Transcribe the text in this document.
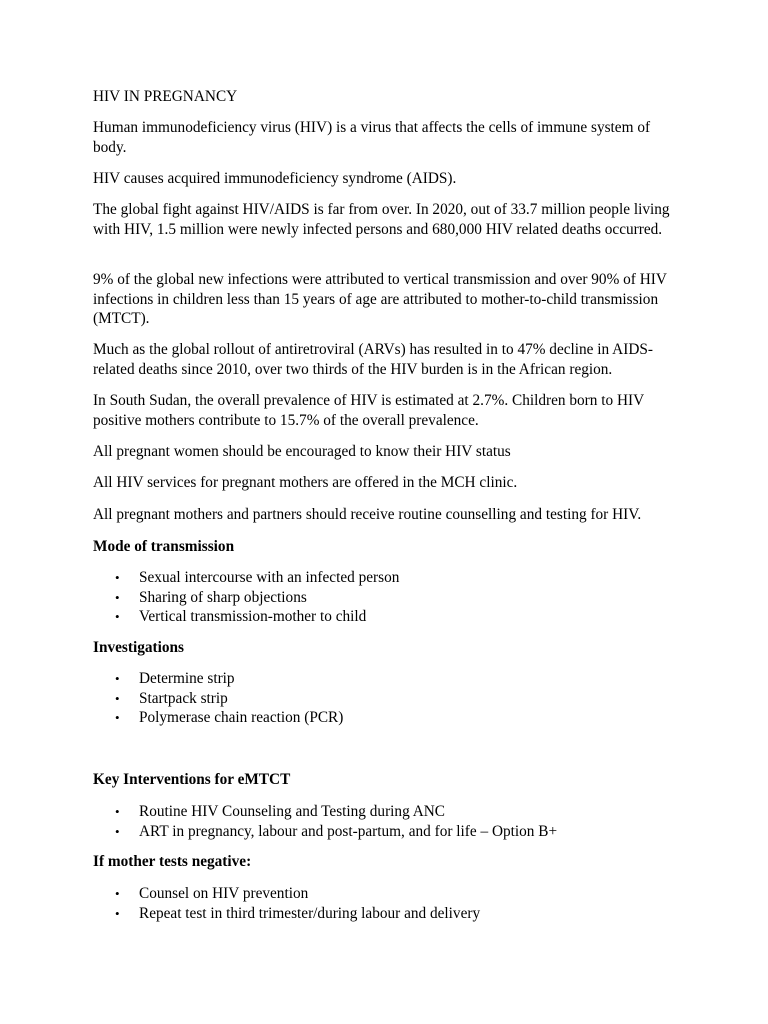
HIV IN PREGNANCY

Human immunodeficiency virus (HIV) is a virus that affects the cells of immune system of body.

HIV causes acquired immunodeficiency syndrome (AIDS).

The global fight against HIV/AIDS is far from over. In 2020, out of 33.7 million people living with HIV, 1.5 million were newly infected persons and 680,000 HIV related deaths occurred.

9% of the global new infections were attributed to vertical transmission and over 90% of HIV infections in children less than 15 years of age are attributed to mother-to-child transmission (MTCT).

Much as the global rollout of antiretroviral (ARVs) has resulted in to 47% decline in AIDS-related deaths since 2010, over two thirds of the HIV burden is in the African region.

In South Sudan, the overall prevalence of HIV is estimated at 2.7%. Children born to HIV positive mothers contribute to 15.7% of the overall prevalence.

All pregnant women should be encouraged to know their HIV status

All HIV services for pregnant mothers are offered in the MCH clinic.

All pregnant mothers and partners should receive routine counselling and testing for HIV.

Mode of transmission

• Sexual intercourse with an infected person
• Sharing of sharp objections
• Vertical transmission-mother to child

Investigations

• Determine strip
• Startpack strip
• Polymerase chain reaction (PCR)

Key Interventions for eMTCT

• Routine HIV Counseling and Testing during ANC
• ART in pregnancy, labour and post-partum, and for life – Option B+

If mother tests negative:

• Counsel on HIV prevention
• Repeat test in third trimester/during labour and delivery
